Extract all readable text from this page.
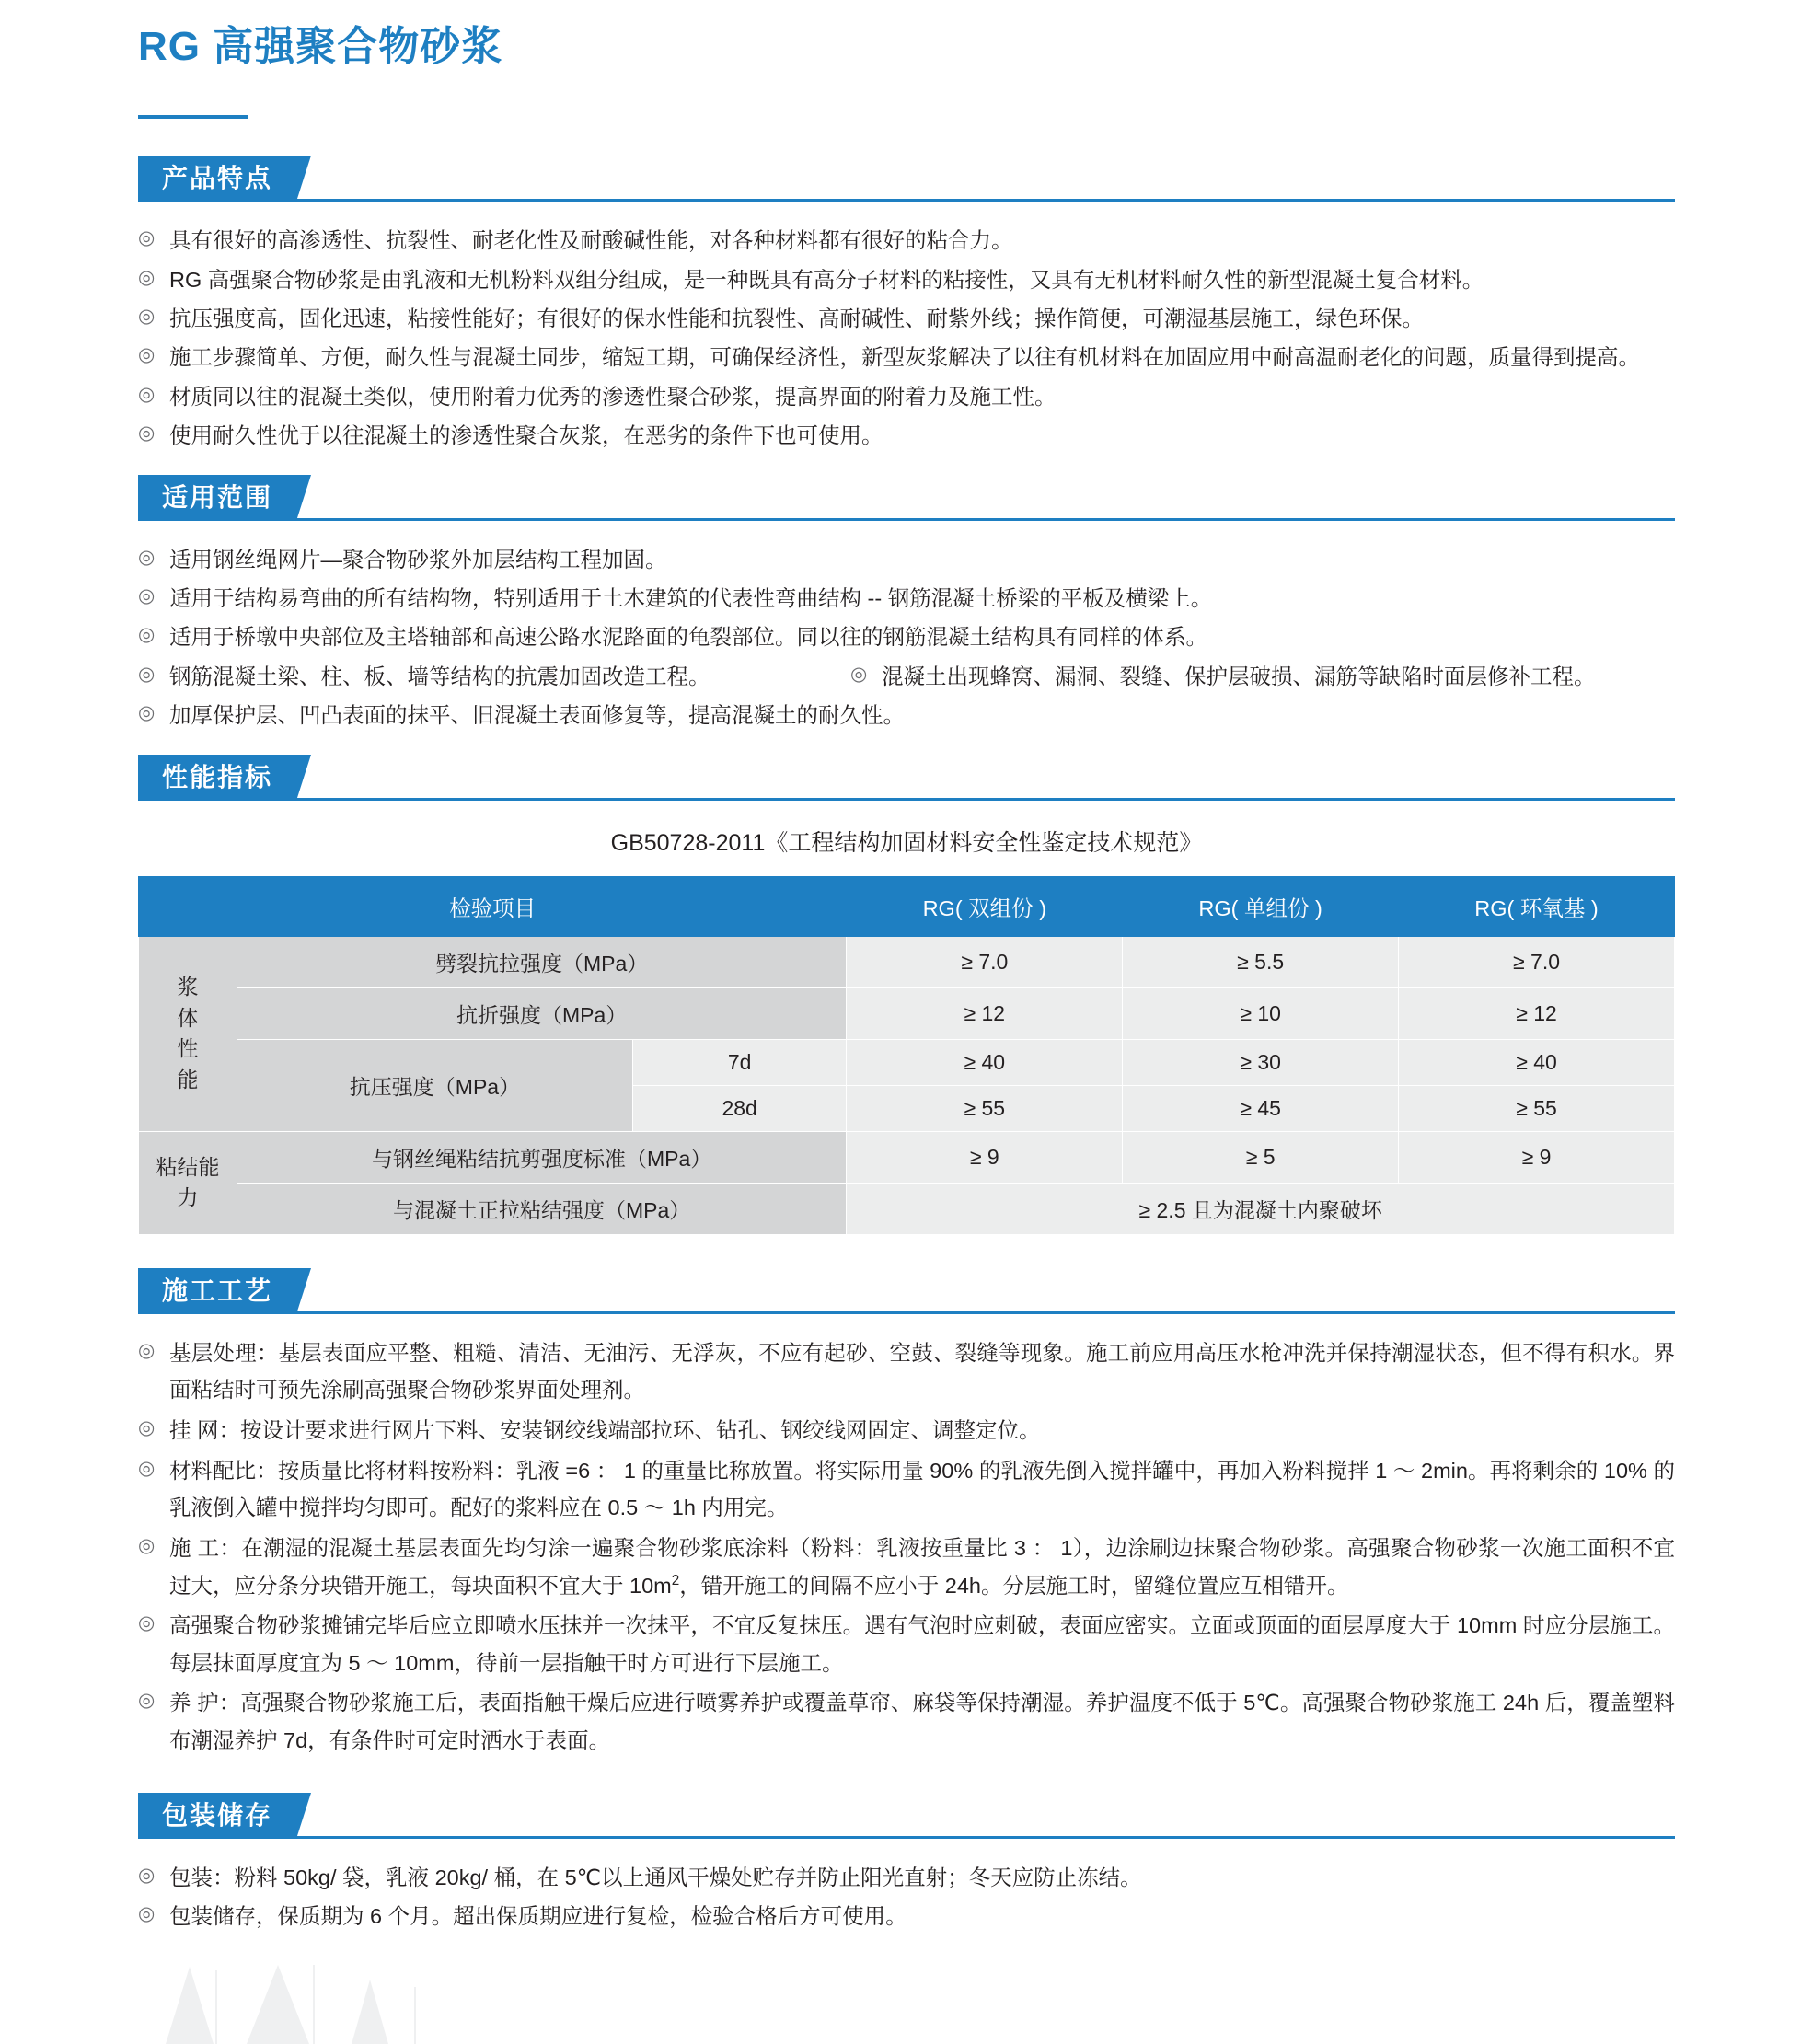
RG 高强聚合物砂浆
产品特点
◎ 具有很好的高渗透性、抗裂性、耐老化性及耐酸碱性能，对各种材料都有很好的粘合力。
◎ RG 高强聚合物砂浆是由乳液和无机粉料双组分组成，是一种既具有高分子材料的粘接性，又具有无机材料耐久性的新型混凝土复合材料。
◎ 抗压强度高，固化迅速，粘接性能好；有很好的保水性能和抗裂性、高耐碱性、耐紫外线；操作简便，可潮湿基层施工，绿色环保。
◎ 施工步骤简单、方便，耐久性与混凝土同步，缩短工期，可确保经济性，新型灰浆解决了以往有机材料在加固应用中耐高温耐老化的问题，质量得到提高。
◎ 材质同以往的混凝土类似，使用附着力优秀的渗透性聚合砂浆，提高界面的附着力及施工性。
◎ 使用耐久性优于以往混凝土的渗透性聚合灰浆，在恶劣的条件下也可使用。
适用范围
◎ 适用钢丝绳网片—聚合物砂浆外加层结构工程加固。
◎ 适用于结构易弯曲的所有结构物，特别适用于土木建筑的代表性弯曲结构 -- 钢筋混凝土桥梁的平板及横梁上。
◎ 适用于桥墩中央部位及主塔轴部和高速公路水泥路面的龟裂部位。同以往的钢筋混凝土结构具有同样的体系。
◎ 钢筋混凝土梁、柱、板、墙等结构的抗震加固改造工程。	◎ 混凝土出现蜂窝、漏洞、裂缝、保护层破损、漏筋等缺陷时面层修补工程。
◎ 加厚保护层、凹凸表面的抹平、旧混凝土表面修复等，提高混凝土的耐久性。
性能指标
GB50728-2011《工程结构加固材料安全性鉴定技术规范》
检验项目			RG( 双组份 )	RG( 单组份 )	RG( 环氧基 )
浆
体
性
能	劈裂抗拉强度（MPa）		≥ 7.0	≥ 5.5	≥ 7.0
	抗折强度（MPa）		≥ 12	≥ 10	≥ 12
	抗压强度（MPa）	7d	≥ 40	≥ 30	≥ 40
		28d	≥ 55	≥ 45	≥ 55
粘结能
力	与钢丝绳粘结抗剪强度标准（MPa）		≥ 9	≥ 5	≥ 9
	与混凝土正拉粘结强度（MPa）		≥ 2.5 且为混凝土内聚破坏		
施工工艺
◎ 基层处理：基层表面应平整、粗糙、清洁、无油污、无浮灰，不应有起砂、空鼓、裂缝等现象。施工前应用高压水枪冲洗并保持潮湿状态，但不得有积水。界面粘结时可预先涂刷高强聚合物砂浆界面处理剂。
◎ 挂 网：按设计要求进行网片下料、安装钢绞线端部拉环、钻孔、钢绞线网固定、调整定位。
◎ 材料配比：按质量比将材料按粉料：乳液 =6 ： 1 的重量比称放置。将实际用量 90% 的乳液先倒入搅拌罐中，再加入粉料搅拌 1 ～ 2min。再将剩余的 10% 的乳液倒入罐中搅拌均匀即可。配好的浆料应在 0.5 ～ 1h 内用完。
◎ 施 工：在潮湿的混凝土基层表面先均匀涂一遍聚合物砂浆底涂料（粉料：乳液按重量比 3 ： 1），边涂刷边抹聚合物砂浆。高强聚合物砂浆一次施工面积不宜过大，应分条分块错开施工，每块面积不宜大于 $10m^2$，错开施工的间隔不应小于 24h。分层施工时，留缝位置应互相错开。
◎ 高强聚合物砂浆摊铺完毕后应立即喷水压抹并一次抹平，不宜反复抹压。遇有气泡时应刺破，表面应密实。立面或顶面的面层厚度大于 10mm 时应分层施工。每层抹面厚度宜为 5 ～ 10mm，待前一层指触干时方可进行下层施工。
◎ 养 护：高强聚合物砂浆施工后，表面指触干燥后应进行喷雾养护或覆盖草帘、麻袋等保持潮湿。养护温度不低于 5℃。高强聚合物砂浆施工 24h 后，覆盖塑料布潮湿养护 7d，有条件时可定时洒水于表面。
包装储存
◎ 包装：粉料 50kg/ 袋，乳液 20kg/ 桶，在 5℃以上通风干燥处贮存并防止阳光直射；冬天应防止冻结。
◎ 包装储存，保质期为 6 个月。超出保质期应进行复检，检验合格后方可使用。
